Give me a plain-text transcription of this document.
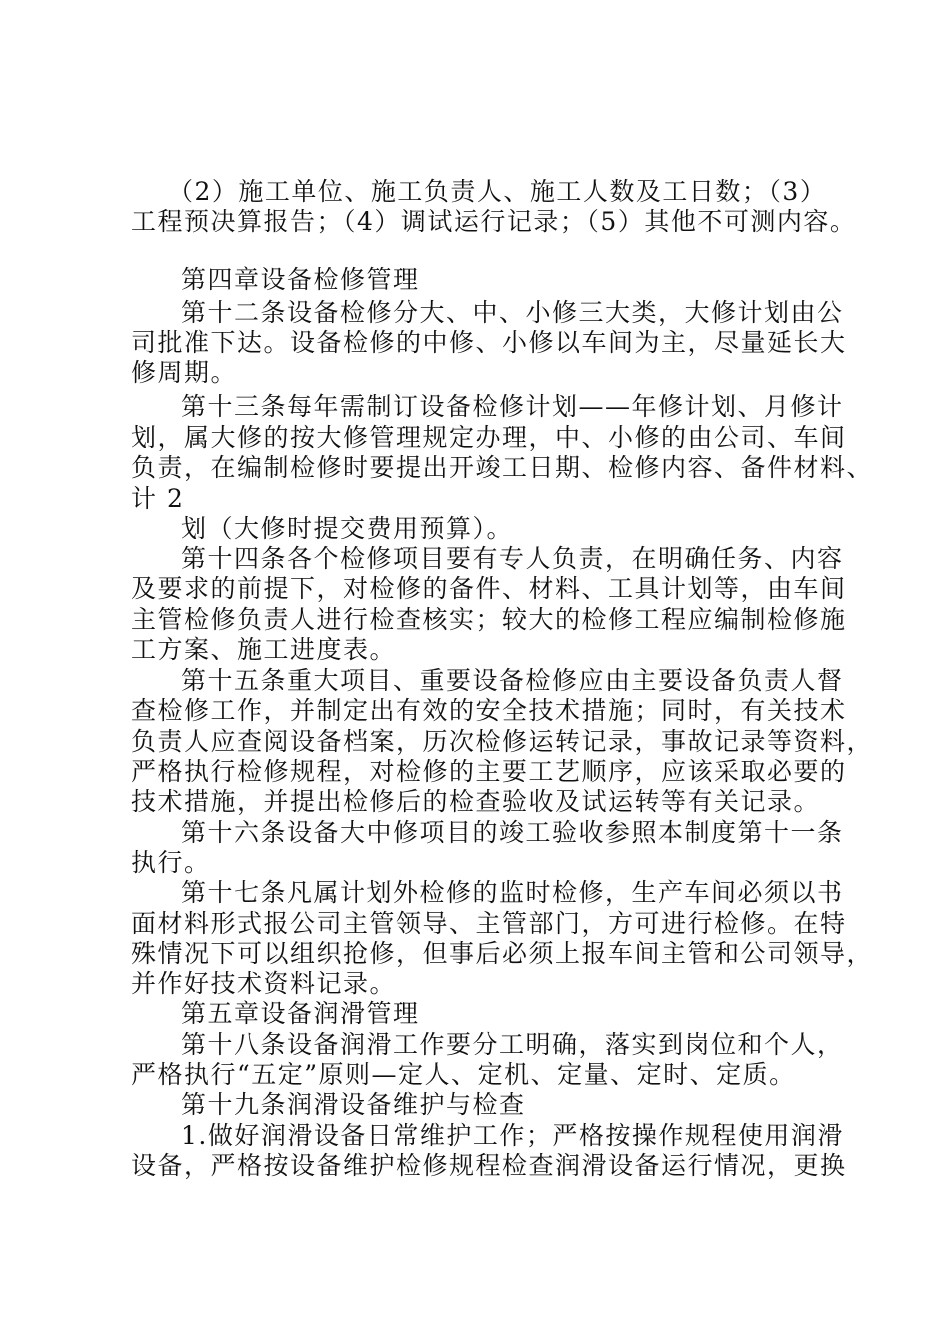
（2）施工单位、施工负责人、施工人数及工日数；（3）
工程预决算报告；（4）调试运行记录；（5）其他不可测内容。
第四章设备检修管理
第十二条设备检修分大、中、小修三大类，大修计划由公
司批准下达。设备检修的中修、小修以车间为主，尽量延长大
修周期。
第十三条每年需制订设备检修计划——年修计划、月修计
划，属大修的按大修管理规定办理，中、小修的由公司、车间
负责，在编制检修时要提出开竣工日期、检修内容、备件材料、
计 2
划（大修时提交费用预算）。
第十四条各个检修项目要有专人负责，在明确任务、内容
及要求的前提下，对检修的备件、材料、工具计划等，由车间
主管检修负责人进行检查核实；较大的检修工程应编制检修施
工方案、施工进度表。
第十五条重大项目、重要设备检修应由主要设备负责人督
查检修工作，并制定出有效的安全技术措施；同时，有关技术
负责人应查阅设备档案，历次检修运转记录，事故记录等资料，
严格执行检修规程，对检修的主要工艺顺序，应该采取必要的
技术措施，并提出检修后的检查验收及试运转等有关记录。
第十六条设备大中修项目的竣工验收参照本制度第十一条
执行。
第十七条凡属计划外检修的监时检修，生产车间必须以书
面材料形式报公司主管领导、主管部门，方可进行检修。在特
殊情况下可以组织抢修，但事后必须上报车间主管和公司领导，
并作好技术资料记录。
第五章设备润滑管理
第十八条设备润滑工作要分工明确，落实到岗位和个人，
严格执行“五定”原则—定人、定机、定量、定时、定质。
第十九条润滑设备维护与检查
1.做好润滑设备日常维护工作；严格按操作规程使用润滑
设备，严格按设备维护检修规程检查润滑设备运行情况，更换
